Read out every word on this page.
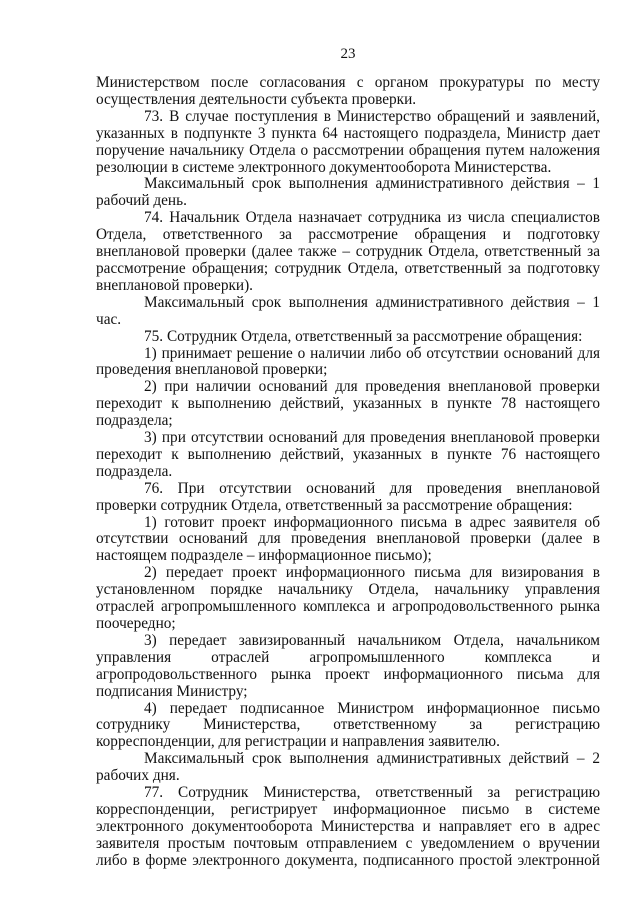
23

Министерством после согласования с органом прокуратуры по месту осуществления деятельности субъекта проверки.

73. В случае поступления в Министерство обращений и заявлений, указанных в подпункте 3 пункта 64 настоящего подраздела, Министр дает поручение начальнику Отдела о рассмотрении обращения путем наложения резолюции в системе электронного документооборота Министерства.

Максимальный срок выполнения административного действия – 1 рабочий день.

74. Начальник Отдела назначает сотрудника из числа специалистов Отдела, ответственного за рассмотрение обращения и подготовку внеплановой проверки (далее также – сотрудник Отдела, ответственный за рассмотрение обращения; сотрудник Отдела, ответственный за подготовку внеплановой проверки).

Максимальный срок выполнения административного действия – 1 час.

75. Сотрудник Отдела, ответственный за рассмотрение обращения:

1) принимает решение о наличии либо об отсутствии оснований для проведения внеплановой проверки;

2) при наличии оснований для проведения внеплановой проверки переходит к выполнению действий, указанных в пункте 78 настоящего подраздела;

3) при отсутствии оснований для проведения внеплановой проверки переходит к выполнению действий, указанных в пункте 76 настоящего подраздела.

76. При отсутствии оснований для проведения внеплановой проверки сотрудник Отдела, ответственный за рассмотрение обращения:

1) готовит проект информационного письма в адрес заявителя об отсутствии оснований для проведения внеплановой проверки (далее в настоящем подразделе – информационное письмо);

2) передает проект информационного письма для визирования в установленном порядке начальнику Отдела, начальнику управления отраслей агропромышленного комплекса и агропродовольственного рынка поочередно;

3) передает завизированный начальником Отдела, начальником управления отраслей агропромышленного комплекса и агропродовольственного рынка проект информационного письма для подписания Министру;

4) передает подписанное Министром информационное письмо сотруднику Министерства, ответственному за регистрацию корреспонденции, для регистрации и направления заявителю.

Максимальный срок выполнения административных действий – 2 рабочих дня.

77. Сотрудник Министерства, ответственный за регистрацию корреспонденции, регистрирует информационное письмо в системе электронного документооборота Министерства и направляет его в адрес заявителя простым почтовым отправлением с уведомлением о вручении либо в форме электронного документа, подписанного простой электронной
